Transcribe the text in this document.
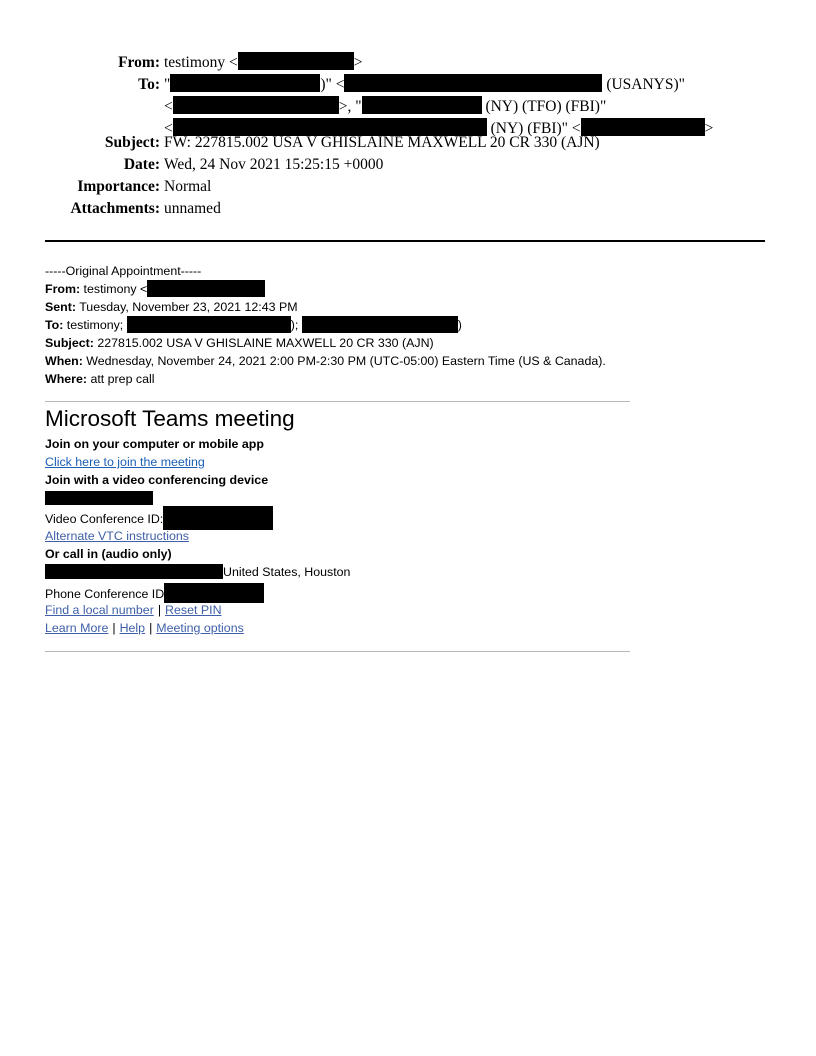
From: testimony <	>
To: "	)" <	(USANYS)"
<	>, "	(NY) (TFO) (FBI)"
<	(NY) (FBI)" <	>
Subject: FW: 227815.002 USA V GHISLAINE MAXWELL 20 CR 330 (AJN)
Date: Wed, 24 Nov 2021 15:25:15 +0000
Importance: Normal
Attachments: unnamed
-----Original Appointment-----
From: testimony <
Sent: Tuesday, November 23, 2021 12:43 PM
To: testimony;	);	)
Subject: 227815.002 USA V GHISLAINE MAXWELL 20 CR 330 (AJN)
When: Wednesday, November 24, 2021 2:00 PM-2:30 PM (UTC-05:00) Eastern Time (US & Canada).
Where: att prep call
Microsoft Teams meeting
Join on your computer or mobile app
Click here to join the meeting
Join with a video conferencing device
Video Conference ID:
Alternate VTC instructions
Or call in (audio only)
United States, Houston
Phone Conference ID
Find a local number | Reset PIN
Learn More | Help | Meeting options
